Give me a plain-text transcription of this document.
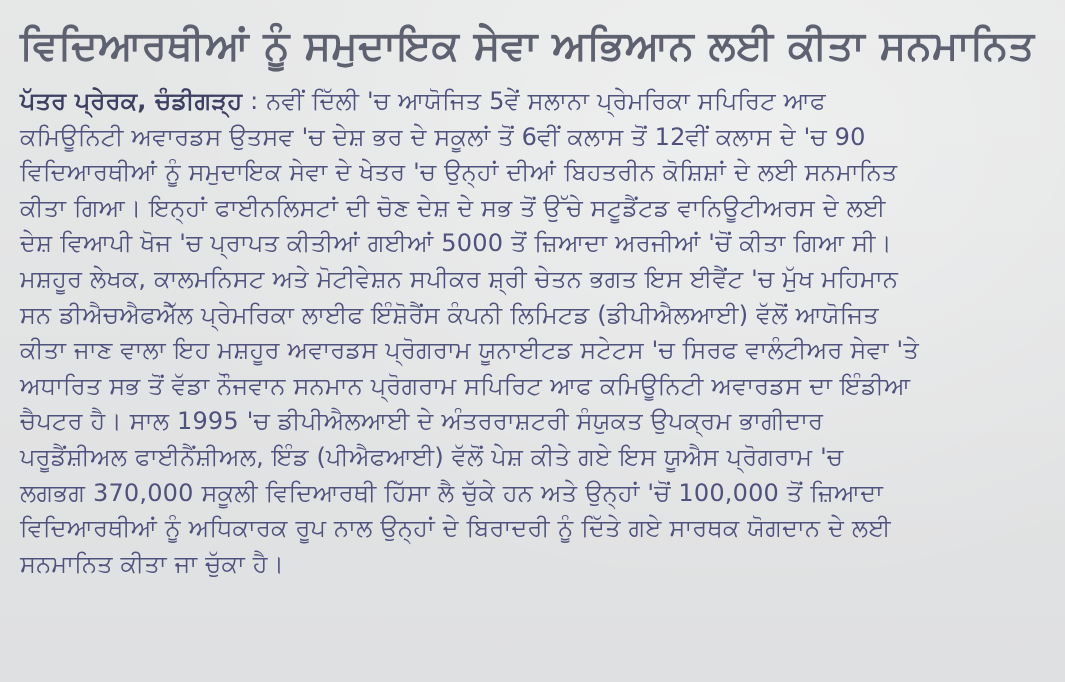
ਵਿਦਿਆਰਥੀਆਂ ਨੂੰ ਸਮੁਦਾਇਕ ਸੇਵਾ ਅਭਿਆਨ ਲਈ ਕੀਤਾ ਸਨਮਾਨਿਤ

ਪੱਤਰ ਪ੍ਰੇਰਕ, ਚੰਡੀਗੜ੍ਹ : ਨਵੀਂ ਦਿੱਲੀ 'ਚ ਆਯੋਜਿਤ 5ਵੇਂ ਸਲਾਨਾ ਪ੍ਰੇਮਰਿਕਾ ਸਪਿਰਿਟ ਆਫ
ਕਮਿਊਨਿਟੀ ਅਵਾਰਡਸ ਉਤਸਵ 'ਚ ਦੇਸ਼ ਭਰ ਦੇ ਸਕੂਲਾਂ ਤੋਂ 6ਵੀਂ ਕਲਾਸ ਤੋਂ 12ਵੀਂ ਕਲਾਸ ਦੇ 'ਚ 90
ਵਿਦਿਆਰਥੀਆਂ ਨੂੰ ਸਮੁਦਾਇਕ ਸੇਵਾ ਦੇ ਖੇਤਰ 'ਚ ਉਨ੍ਹਾਂ ਦੀਆਂ ਬਿਹਤਰੀਨ ਕੋਸ਼ਿਸ਼ਾਂ ਦੇ ਲਈ ਸਨਮਾਨਿਤ
ਕੀਤਾ ਗਿਆ। ਇਨ੍ਹਾਂ ਫਾਈਨਲਿਸਟਾਂ ਦੀ ਚੋਣ ਦੇਸ਼ ਦੇ ਸਭ ਤੋਂ ਉੱਚੇ ਸਟੂਡੈਂਟਡ ਵਾਨਿਊਟੀਅਰਸ ਦੇ ਲਈ
ਦੇਸ਼ ਵਿਆਪੀ ਖੋਜ 'ਚ ਪ੍ਰਾਪਤ ਕੀਤੀਆਂ ਗਈਆਂ 5000 ਤੋਂ ਜ਼ਿਆਦਾ ਅਰਜੀਆਂ 'ਚੋਂ ਕੀਤਾ ਗਿਆ ਸੀ।
ਮਸ਼ਹੂਰ ਲੇਖਕ, ਕਾਲਮਨਿਸਟ ਅਤੇ ਮੋਟੀਵੇਸ਼ਨ ਸਪੀਕਰ ਸ਼੍ਰੀ ਚੇਤਨ ਭਗਤ ਇਸ ਈਵੈਂਟ 'ਚ ਮੁੱਖ ਮਹਿਮਾਨ
ਸਨ ਡੀਐਚਐਫਐੱਲ ਪ੍ਰੇਮਰਿਕਾ ਲਾਈਫ ਇੰਸ਼ੋਰੈਂਸ ਕੰਪਨੀ ਲਿਮਿਟਡ (ਡੀਪੀਐਲਆਈ) ਵੱਲੋਂ ਆਯੋਜਿਤ
ਕੀਤਾ ਜਾਣ ਵਾਲਾ ਇਹ ਮਸ਼ਹੂਰ ਅਵਾਰਡਸ ਪ੍ਰੋਗਰਾਮ ਯੂਨਾਈਟਡ ਸਟੇਟਸ 'ਚ ਸਿਰਫ ਵਾਲੰਟੀਅਰ ਸੇਵਾ 'ਤੇ
ਅਧਾਰਿਤ ਸਭ ਤੋਂ ਵੱਡਾ ਨੌਜਵਾਨ ਸਨਮਾਨ ਪ੍ਰੋਗਰਾਮ ਸਪਿਰਿਟ ਆਫ ਕਮਿਊਨਿਟੀ ਅਵਾਰਡਸ ਦਾ ਇੰਡੀਆ
ਚੈਪਟਰ ਹੈ। ਸਾਲ 1995 'ਚ ਡੀਪੀਐਲਆਈ ਦੇ ਅੰਤਰਰਾਸ਼ਟਰੀ ਸੰਯੁਕਤ ਉਪਕ੍ਰਮ ਭਾਗੀਦਾਰ
ਪਰੂਡੈਂਸ਼ੀਅਲ ਫਾਈਨੈਂਸ਼ੀਅਲ, ਇੰਡ (ਪੀਐਫਆਈ) ਵੱਲੋਂ ਪੇਸ਼ ਕੀਤੇ ਗਏ ਇਸ ਯੂਐਸ ਪ੍ਰੋਗਰਾਮ 'ਚ
ਲਗਭਗ 370,000 ਸਕੂਲੀ ਵਿਦਿਆਰਥੀ ਹਿੱਸਾ ਲੈ ਚੁੱਕੇ ਹਨ ਅਤੇ ਉਨ੍ਹਾਂ 'ਚੋਂ 100,000 ਤੋਂ ਜ਼ਿਆਦਾ
ਵਿਦਿਆਰਥੀਆਂ ਨੂੰ ਅਧਿਕਾਰਕ ਰੂਪ ਨਾਲ ਉਨ੍ਹਾਂ ਦੇ ਬਿਰਾਦਰੀ ਨੂੰ ਦਿੱਤੇ ਗਏ ਸਾਰਥਕ ਯੋਗਦਾਨ ਦੇ ਲਈ
ਸਨਮਾਨਿਤ ਕੀਤਾ ਜਾ ਚੁੱਕਾ ਹੈ।
